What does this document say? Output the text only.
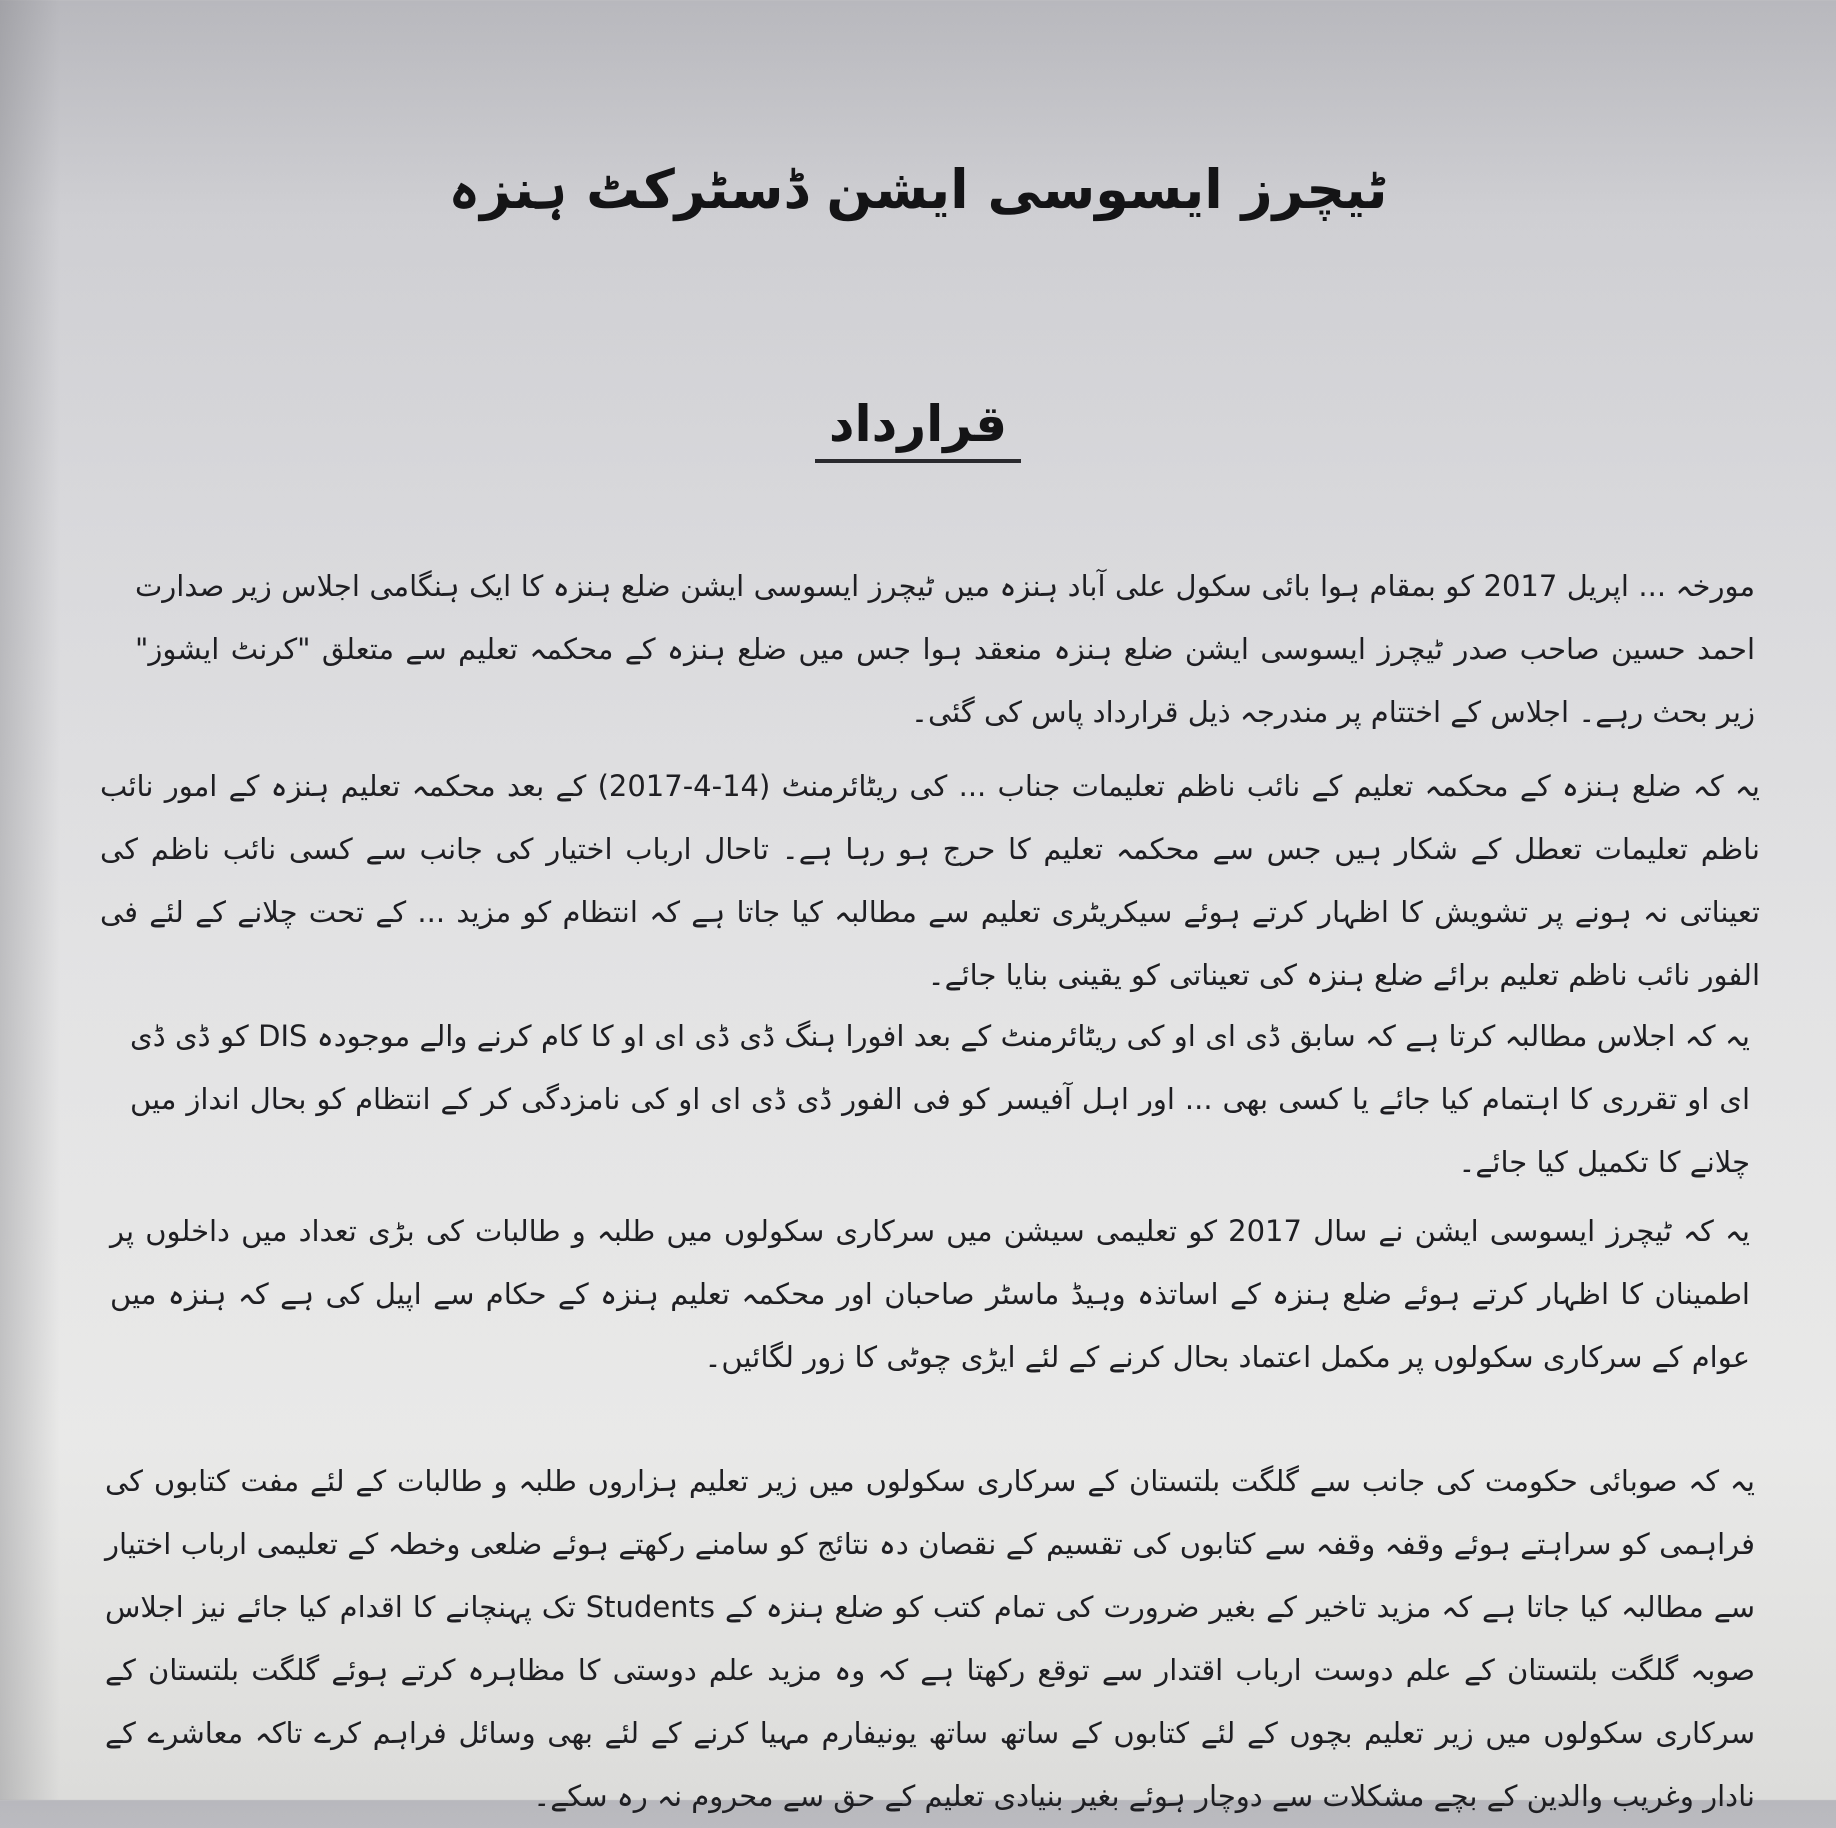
ٹیچرز ایسوسی ایشن ڈسٹرکٹ ہنزہ
قرارداد
مورخہ ... اپریل 2017 کو بمقام ہوا بائی سکول علی آباد ہنزہ میں ٹیچرز ایسوسی ایشن ضلع ہنزہ کا ایک ہنگامی اجلاس زیر صدارت احمد حسین صاحب صدر ٹیچرز ایسوسی ایشن ضلع ہنزہ منعقد ہوا جس میں ضلع ہنزہ کے محکمہ تعلیم سے متعلق "کرنٹ ایشوز" زیر بحث رہے۔ اجلاس کے اختتام پر مندرجہ ذیل قرارداد پاس کی گئی۔
یہ کہ ضلع ہنزہ کے محکمہ تعلیم کے نائب ناظم تعلیمات جناب ... کی ریٹائرمنٹ (14-4-2017) کے بعد محکمہ تعلیم ہنزہ کے امور نائب ناظم تعلیمات تعطل کے شکار ہیں جس سے محکمہ تعلیم کا حرج ہو رہا ہے۔ تاحال ارباب اختیار کی جانب سے کسی نائب ناظم کی تعیناتی نہ ہونے پر تشویش کا اظہار کرتے ہوئے سیکریٹری تعلیم سے مطالبہ کیا جاتا ہے کہ انتظام کو مزید ... کے تحت چلانے کے لئے فی الفور نائب ناظم تعلیم برائے ضلع ہنزہ کی تعیناتی کو یقینی بنایا جائے۔
یہ کہ اجلاس مطالبہ کرتا ہے کہ سابق ڈی ای او کی ریٹائرمنٹ کے بعد افورا ہنگ ڈی ڈی ای او کا کام کرنے والے موجودہ DIS کو ڈی ڈی ای او تقرری کا اہتمام کیا جائے یا کسی بھی ... اور اہل آفیسر کو فی الفور ڈی ڈی ای او کی نامزدگی کر کے انتظام کو بحال انداز میں چلانے کا تکمیل کیا جائے۔
یہ کہ ٹیچرز ایسوسی ایشن نے سال 2017 کو تعلیمی سیشن میں سرکاری سکولوں میں طلبہ و طالبات کی بڑی تعداد میں داخلوں پر اطمینان کا اظہار کرتے ہوئے ضلع ہنزہ کے اساتذہ وہیڈ ماسٹر صاحبان اور محکمہ تعلیم ہنزہ کے حکام سے اپیل کی ہے کہ ہنزہ میں عوام کے سرکاری سکولوں پر مکمل اعتماد بحال کرنے کے لئے ایڑی چوٹی کا زور لگائیں۔
یہ کہ صوبائی حکومت کی جانب سے گلگت بلتستان کے سرکاری سکولوں میں زیر تعلیم ہزاروں طلبہ و طالبات کے لئے مفت کتابوں کی فراہمی کو سراہتے ہوئے وقفہ وقفہ سے کتابوں کی تقسیم کے نقصان دہ نتائج کو سامنے رکھتے ہوئے ضلعی وخطہ کے تعلیمی ارباب اختیار سے مطالبہ کیا جاتا ہے کہ مزید تاخیر کے بغیر ضرورت کی تمام کتب کو ضلع ہنزہ کے Students تک پہنچانے کا اقدام کیا جائے نیز اجلاس صوبہ گلگت بلتستان کے علم دوست ارباب اقتدار سے توقع رکھتا ہے کہ وہ مزید علم دوستی کا مظاہرہ کرتے ہوئے گلگت بلتستان کے سرکاری سکولوں میں زیر تعلیم بچوں کے لئے کتابوں کے ساتھ ساتھ یونیفارم مہیا کرنے کے لئے بھی وسائل فراہم کرے تاکہ معاشرے کے نادار وغریب والدین کے بچے مشکلات سے دوچار ہوئے بغیر بنیادی تعلیم کے حق سے محروم نہ رہ سکے۔
